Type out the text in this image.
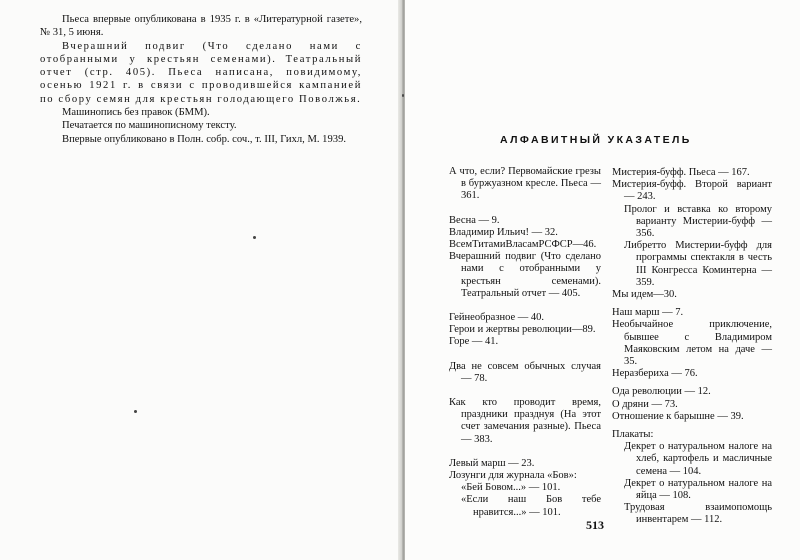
Пьеса впервые опубликована в 1935 г. в «Литературной газете», № 31, 5 июня.

Вчерашний подвиг (Что сделано нами с отобранными у крестьян семенами). Театральный отчет (стр. 405). Пьеса написана, повидимому, осенью 1921 г. в связи с проводившейся кампанией по сбору семян для крестьян голодающего Поволжья.

Машинопись без правок (БММ).

Печатается по машинописному тексту.

Впервые опубликовано в Полн. собр. соч., т. III, Гихл, М. 1939.	АЛФАВИТНЫЙ УКАЗАТЕЛЬ
А что, если? Первомайские грезы в буржуазном кресле. Пьеса — 361.
Весна — 9.
Владимир Ильич! — 32.
ВсемТитамиВласамРСФСР—46.
Вчерашний подвиг (Что сделано нами с отобранными у крестьян семенами). Театральный отчет — 405.
Гейнеобразное — 40.
Герои и жертвы революции—89.
Горе — 41.
Два не совсем обычных случая — 78.
Как кто проводит время, праздники празднуя (На этот счет замечания разные). Пьеса — 383.
Левый марш — 23.
Лозунги для журнала «Бов»:
«Бей Бовом...» — 101.
«Если наш Бов тебе нравится...» — 101.
Мистерия-буфф. Пьеса — 167.
Мистерия-буфф. Второй вариант — 243.
Пролог и вставка ко второму варианту Мистерии-буфф — 356.
Либретто Мистерии-буфф для программы спектакля в честь III Конгресса Коминтерна — 359.
Мы идем—30.
Наш марш — 7.
Необычайное приключение, бывшее с Владимиром Маяковским летом на даче — 35.
Неразбериха — 76.
Ода революции — 12.
О дряни — 73.
Отношение к барышне — 39.
Плакаты:
Декрет о натуральном налоге на хлеб, картофель и масличные семена — 104.
Декрет о натуральном налоге на яйца — 108.
Трудовая взаимопомощь инвентарем — 112.
513
